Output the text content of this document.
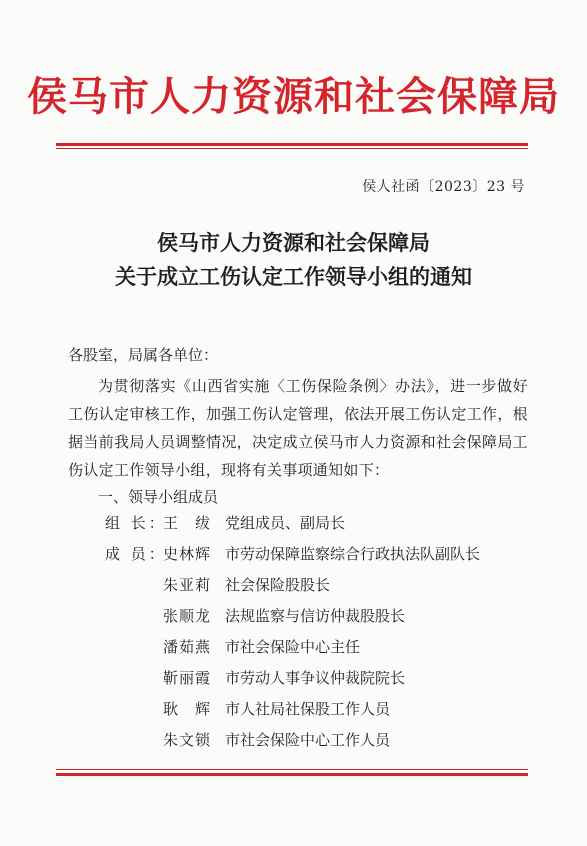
侯马市人力资源和社会保障局
侯人社函〔2023〕23 号
侯马市人力资源和社会保障局
关于成立工伤认定工作领导小组的通知
各股室，局属各单位：
为贯彻落实《山西省实施〈工伤保险条例〉办法》，进一步做好工伤认定审核工作，加强工伤认定管理，依法开展工伤认定工作，根据当前我局人员调整情况，决定成立侯马市人力资源和社会保障局工伤认定工作领导小组，现将有关事项通知如下：
一、领导小组成员
组 长：王　绂 党组成员、副局长
成 员：史林辉 市劳动保障监察综合行政执法队副队长
朱亚莉 社会保险股股长
张顺龙 法规监察与信访仲裁股股长
潘茹燕 市社会保险中心主任
靳丽霞 市劳动人事争议仲裁院院长
耿　辉 市人社局社保股工作人员
朱文锁 市社会保险中心工作人员
